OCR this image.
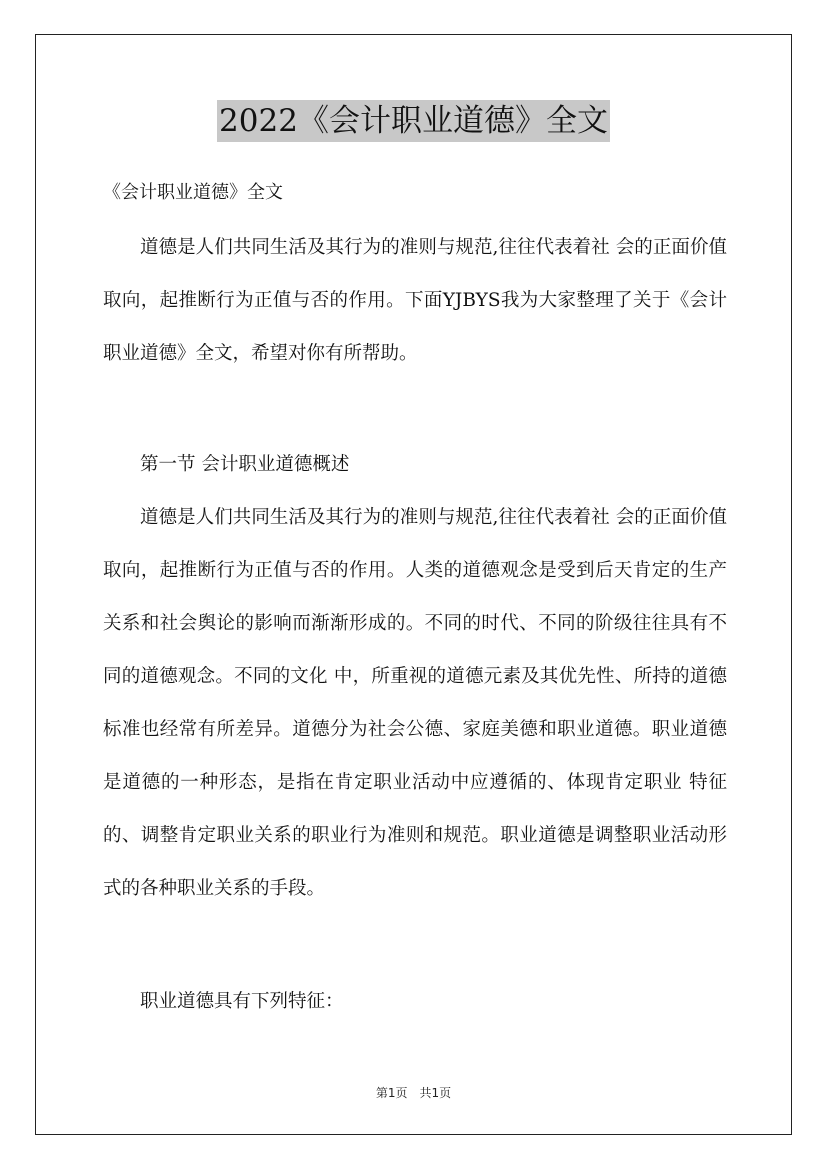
2022《会计职业道德》全文
《会计职业道德》全文

道德是人们共同生活及其行为的准则与规范,往往代表着社 会的正面价值取向，起推断行为正值与否的作用。下面YJBYS我为大家整理了关于《会计职业道德》全文，希望对你有所帮助。

第一节 会计职业道德概述

道德是人们共同生活及其行为的准则与规范,往往代表着社 会的正面价值取向，起推断行为正值与否的作用。人类的道德观念是受到后天肯定的生产关系和社会舆论的影响而渐渐形成的。不同的时代、不同的阶级往往具有不同的道德观念。不同的文化 中，所重视的道德元素及其优先性、所持的道德标准也经常有所差异。道德分为社会公德、家庭美德和职业道德。职业道德是道德的一种形态，是指在肯定职业活动中应遵循的、体现肯定职业 特征的、调整肯定职业关系的职业行为准则和规范。职业道德是调整职业活动形式的各种职业关系的手段。

职业道德具有下列特征：

第1页　共1页
